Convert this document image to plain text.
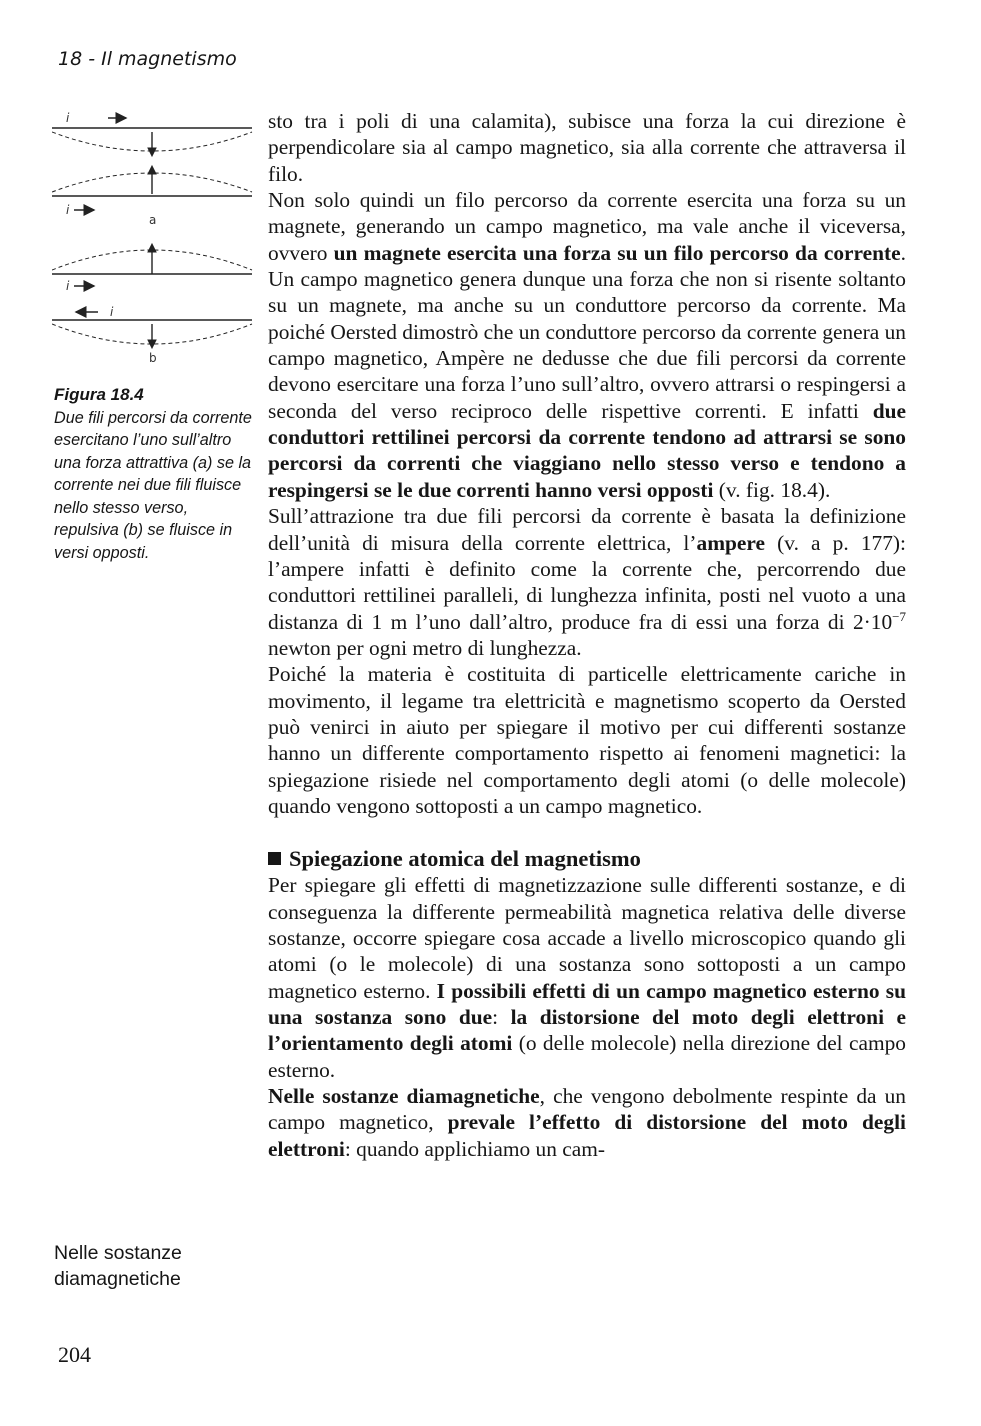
18 - Il magnetismo
i
i
i
i
a
b
Figura 18.4
Due fili percorsi da corrente esercitano l’uno sull’altro una forza attrattiva (a) se la corrente nei due fili fluisce nello stesso verso, repulsiva (b) se fluisce in versi opposti.
Nelle sostanze diamagnetiche

sto tra i poli di una calamita), subisce una forza la cui direzione è perpendicolare sia al campo magnetico, sia alla corrente che attraversa il filo.

Non solo quindi un filo percorso da corrente esercita una forza su un magnete, generando un campo magnetico, ma vale anche il viceversa, ovvero un magnete esercita una forza su un filo percorso da corrente. Un campo magnetico genera dunque una forza che non si risente soltanto su un magnete, ma anche su un conduttore percorso da corrente. Ma poiché Oersted dimostrò che un conduttore percorso da corrente genera un campo magnetico, Ampère ne dedusse che due fili percorsi da corrente devono esercitare una forza l’uno sull’altro, ovvero attrarsi o respingersi a seconda del verso reciproco delle rispettive correnti. E infatti due conduttori rettilinei percorsi da corrente tendono ad attrarsi se sono percorsi da correnti che viaggiano nello stesso verso e tendono a respingersi se le due correnti hanno versi opposti (v. fig. 18.4).

Sull’attrazione tra due fili percorsi da corrente è basata la definizione dell’unità di misura della corrente elettrica, l’ampere (v. a p. 177): l’ampere infatti è definito come la corrente che, percorrendo due conduttori rettilinei paralleli, di lunghezza infinita, posti nel vuoto a una distanza di 1 m l’uno dall’altro, produce fra di essi una forza di $2\cdot 10^{-7}$ newton per ogni metro di lunghezza.

Poiché la materia è costituita di particelle elettricamente cariche in movimento, il legame tra elettricità e magnetismo scoperto da Oersted può venirci in aiuto per spiegare il motivo per cui differenti sostanze hanno un differente comportamento rispetto ai fenomeni magnetici: la spiegazione risiede nel comportamento degli atomi (o delle molecole) quando vengono sottoposti a un campo magnetico.

Spiegazione atomica del magnetismo

Per spiegare gli effetti di magnetizzazione sulle differenti sostanze, e di conseguenza la differente permeabilità magnetica relativa delle diverse sostanze, occorre spiegare cosa accade a livello microscopico quando gli atomi (o le molecole) di una sostanza sono sottoposti a un campo magnetico esterno. I possibili effetti di un campo magnetico esterno su una sostanza sono due: la distorsione del moto degli elettroni e l’orientamento degli atomi (o delle molecole) nella direzione del campo esterno.

Nelle sostanze diamagnetiche, che vengono debolmente respinte da un campo magnetico, prevale l’effetto di distorsione del moto degli elettroni: quando applichiamo un cam-

204
